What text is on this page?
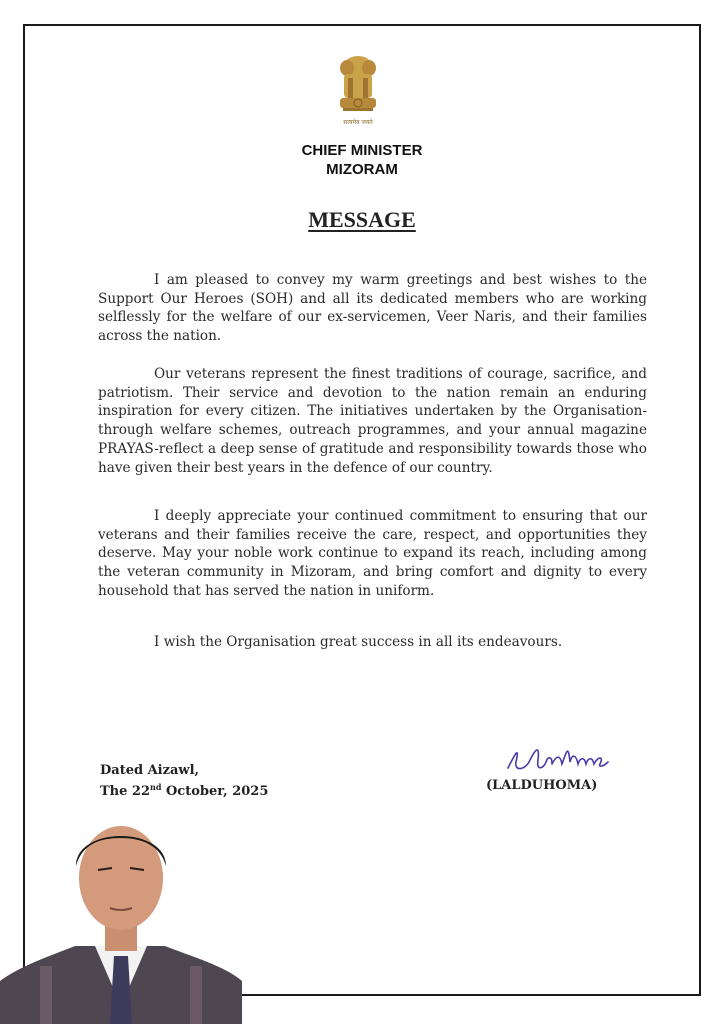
सत्यमेव जयते
CHIEF MINISTER
MIZORAM
MESSAGE

I am pleased to convey my warm greetings and best wishes to the Support Our Heroes (SOH) and all its dedicated members who are working selflessly for the welfare of our ex-servicemen, Veer Naris, and their families across the nation.

Our veterans represent the finest traditions of courage, sacrifice, and patriotism. Their service and devotion to the nation remain an enduring inspiration for every citizen. The initiatives undertaken by the Organisation-through welfare schemes, outreach programmes, and your annual magazine PRAYAS-reflect a deep sense of gratitude and responsibility towards those who have given their best years in the defence of our country.

I deeply appreciate your continued commitment to ensuring that our veterans and their families receive the care, respect, and opportunities they deserve. May your noble work continue to expand its reach, including among the veteran community in Mizoram, and bring comfort and dignity to every household that has served the nation in uniform.

I wish the Organisation great success in all its endeavours.

Dated Aizawl,
The 22nd October, 2025	(LALDUHOMA)
